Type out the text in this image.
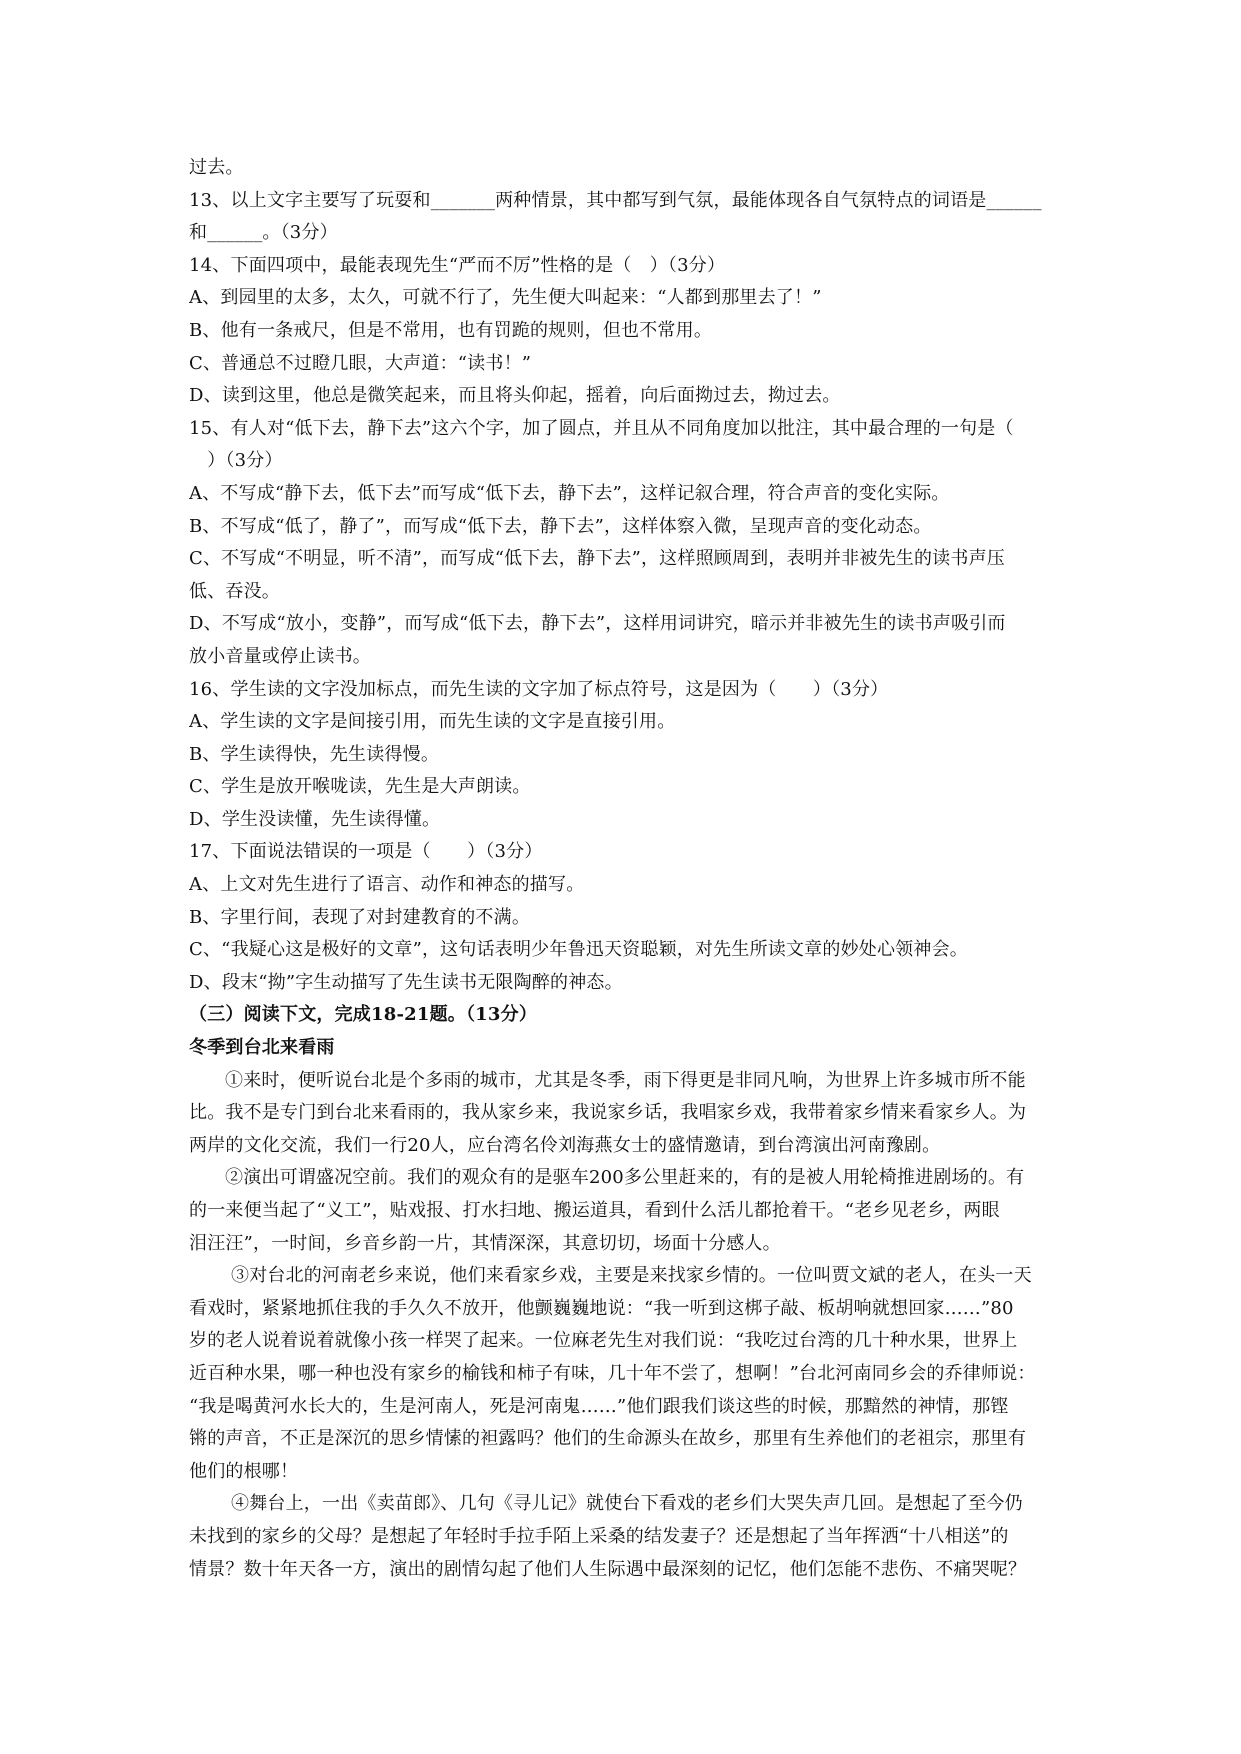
过去。
13、以上文字主要写了玩耍和_______两种情景，其中都写到气氛，最能体现各自气氛特点的词语是______
和______。（3分）
14、下面四项中，最能表现先生“严而不厉”性格的是（　）（3分）
A、到园里的太多，太久，可就不行了，先生便大叫起来：“人都到那里去了！”
B、他有一条戒尺，但是不常用，也有罚跪的规则，但也不常用。
C、普通总不过瞪几眼，大声道：“读书！”
D、读到这里，他总是微笑起来，而且将头仰起，摇着，向后面拗过去，拗过去。
15、有人对“低下去，静下去”这六个字，加了圆点，并且从不同角度加以批注，其中最合理的一句是（
　）（3分）
A、不写成“静下去，低下去”而写成“低下去，静下去”，这样记叙合理，符合声音的变化实际。
B、不写成“低了，静了”，而写成“低下去，静下去”，这样体察入微，呈现声音的变化动态。
C、不写成“不明显，听不清”，而写成“低下去，静下去”，这样照顾周到，表明并非被先生的读书声压
低、吞没。
D、不写成“放小，变静”，而写成“低下去，静下去”，这样用词讲究，暗示并非被先生的读书声吸引而
放小音量或停止读书。
16、学生读的文字没加标点，而先生读的文字加了标点符号，这是因为（　　）（3分）
A、学生读的文字是间接引用，而先生读的文字是直接引用。
B、学生读得快，先生读得慢。
C、学生是放开喉咙读，先生是大声朗读。
D、学生没读懂，先生读得懂。
17、下面说法错误的一项是（　　）（3分）
A、上文对先生进行了语言、动作和神态的描写。
B、字里行间，表现了对封建教育的不满。
C、“我疑心这是极好的文章”，这句话表明少年鲁迅天资聪颖，对先生所读文章的妙处心领神会。
D、段末“拗”字生动描写了先生读书无限陶醉的神态。
（三）阅读下文，完成18-21题。（13分）
冬季到台北来看雨
①来时，便听说台北是个多雨的城市，尤其是冬季，雨下得更是非同凡响，为世界上许多城市所不能
比。我不是专门到台北来看雨的，我从家乡来，我说家乡话，我唱家乡戏，我带着家乡情来看家乡人。为
两岸的文化交流，我们一行20人，应台湾名伶刘海燕女士的盛情邀请，到台湾演出河南豫剧。
②演出可谓盛况空前。我们的观众有的是驱车200多公里赶来的，有的是被人用轮椅推进剧场的。有
的一来便当起了“义工”，贴戏报、打水扫地、搬运道具，看到什么活儿都抢着干。“老乡见老乡，两眼
泪汪汪”，一时间，乡音乡韵一片，其情深深，其意切切，场面十分感人。
③对台北的河南老乡来说，他们来看家乡戏，主要是来找家乡情的。一位叫贾文斌的老人，在头一天
看戏时，紧紧地抓住我的手久久不放开，他颤巍巍地说：“我一听到这梆子敲、板胡响就想回家……”80
岁的老人说着说着就像小孩一样哭了起来。一位麻老先生对我们说：“我吃过台湾的几十种水果，世界上
近百种水果，哪一种也没有家乡的榆钱和柿子有味，几十年不尝了，想啊！”台北河南同乡会的乔律师说：
“我是喝黄河水长大的，生是河南人，死是河南鬼……”他们跟我们谈这些的时候，那黯然的神情，那铿
锵的声音，不正是深沉的思乡情愫的袒露吗？他们的生命源头在故乡，那里有生养他们的老祖宗，那里有
他们的根哪！
④舞台上，一出《卖苗郎》、几句《寻儿记》就使台下看戏的老乡们大哭失声几回。是想起了至今仍
未找到的家乡的父母？是想起了年轻时手拉手陌上采桑的结发妻子？还是想起了当年挥洒“十八相送”的
情景？数十年天各一方，演出的剧情勾起了他们人生际遇中最深刻的记忆，他们怎能不悲伤、不痛哭呢？
